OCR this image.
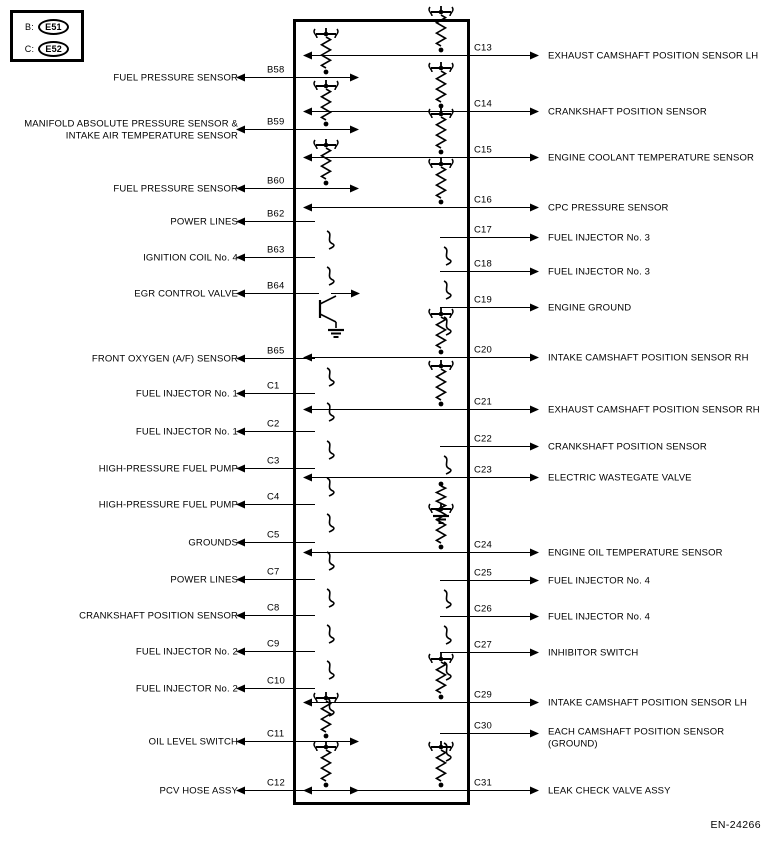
B:	E51
C:	E52
FUEL PRESSURE SENSOR
B58
MANIFOLD ABSOLUTE PRESSURE SENSOR &
INTAKE AIR TEMPERATURE SENSOR
B59
FUEL PRESSURE SENSOR
B60
POWER LINES
B62
IGNITION COIL No. 4
B63
EGR CONTROL VALVE
B64
FRONT OXYGEN (A/F) SENSOR
B65
FUEL INJECTOR No. 1
C1
FUEL INJECTOR No. 1
C2
HIGH-PRESSURE FUEL PUMP
C3
HIGH-PRESSURE FUEL PUMP
C4
GROUNDS
C5
POWER LINES
C7
CRANKSHAFT POSITION SENSOR
C8
FUEL INJECTOR No. 2
C9
FUEL INJECTOR No. 2
C10
OIL LEVEL SWITCH
C11
PCV HOSE ASSY
C12
EXHAUST CAMSHAFT POSITION SENSOR LH
C13
CRANKSHAFT POSITION SENSOR
C14
ENGINE COOLANT TEMPERATURE SENSOR
C15
CPC PRESSURE SENSOR
C16
FUEL INJECTOR No. 3
C17
FUEL INJECTOR No. 3
C18
ENGINE GROUND
C19
INTAKE CAMSHAFT POSITION SENSOR RH
C20
EXHAUST CAMSHAFT POSITION SENSOR RH
C21
CRANKSHAFT POSITION SENSOR
C22
ELECTRIC WASTEGATE VALVE
C23
ENGINE OIL TEMPERATURE SENSOR
C24
FUEL INJECTOR No. 4
C25
FUEL INJECTOR No. 4
C26
INHIBITOR SWITCH
C27
INTAKE CAMSHAFT POSITION SENSOR LH
C29
EACH CAMSHAFT POSITION SENSOR
(GROUND)
C30
LEAK CHECK VALVE ASSY
C31
EN-24266
